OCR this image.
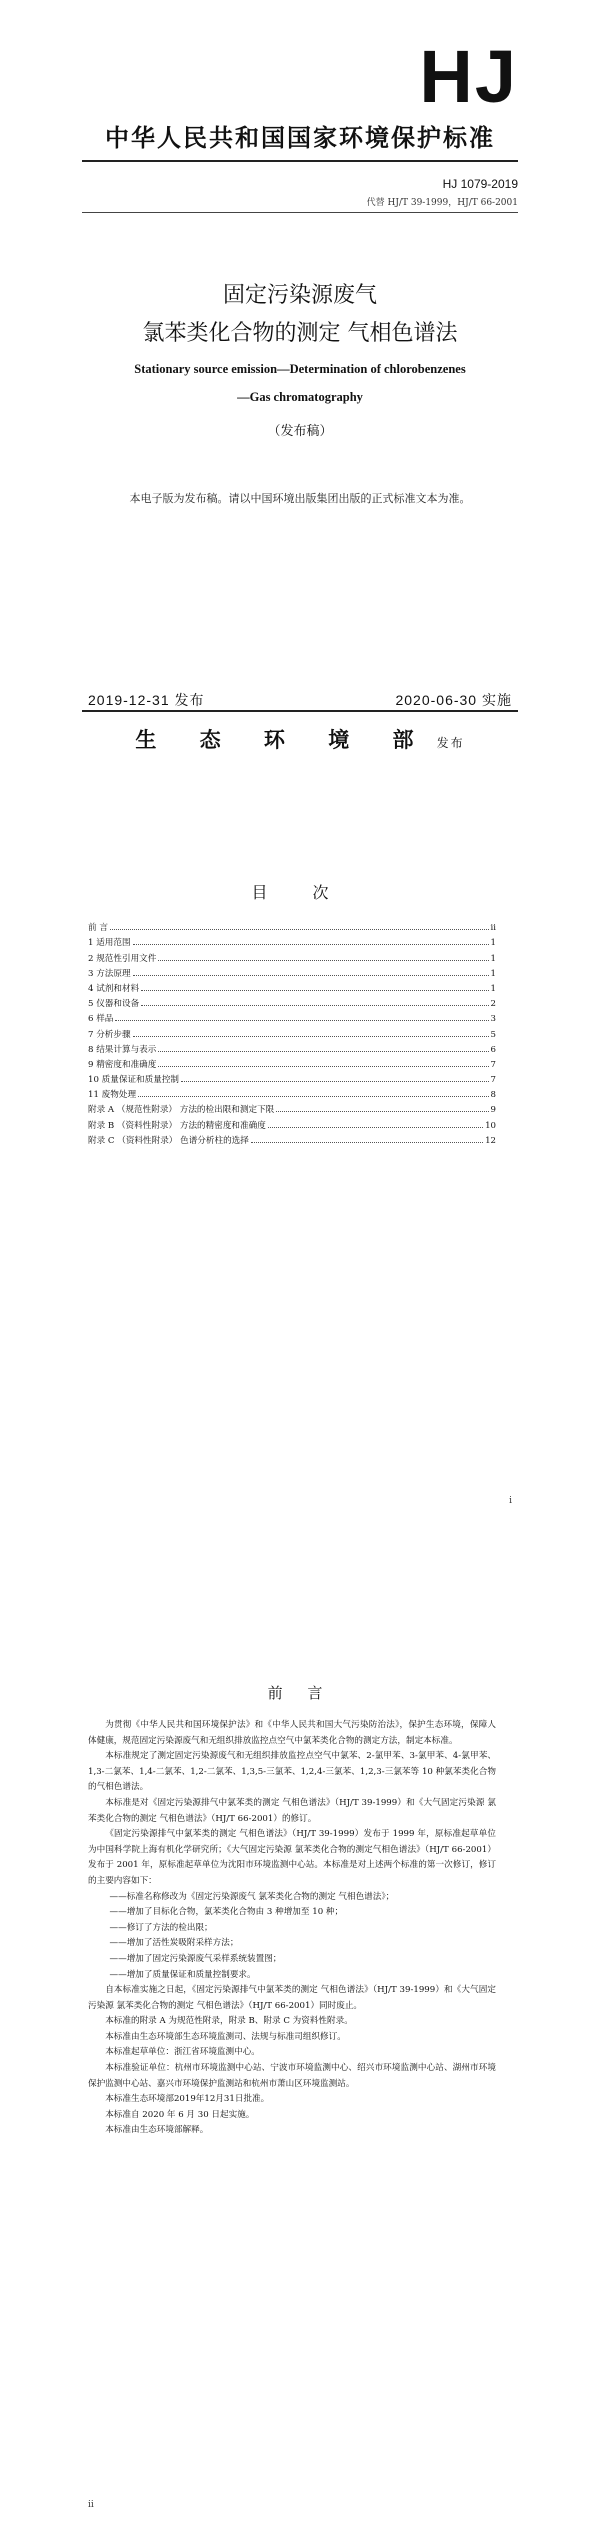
HJ
中华人民共和国国家环境保护标准
HJ 1079-2019
代替 HJ/T 39-1999，HJ/T 66-2001
固定污染源废气
氯苯类化合物的测定 气相色谱法
Stationary source emission—Determination of chlorobenzenes
—Gas chromatography
（发布稿）
本电子版为发布稿。请以中国环境出版集团出版的正式标准文本为准。
2019-12-31 发布	2020-06-30 实施
生 态 环 境 部 发布
目 次
前 言	ii
1 适用范围	1
2 规范性引用文件	1
3 方法原理	1
4 试剂和材料	1
5 仪器和设备	2
6 样品	3
7 分析步骤	5
8 结果计算与表示	6
9 精密度和准确度	7
10 质量保证和质量控制	7
11 废物处理	8
附录 A （规范性附录） 方法的检出限和测定下限	9
附录 B （资料性附录） 方法的精密度和准确度	10
附录 C （资料性附录） 色谱分析柱的选择	12
i
前 言

为贯彻《中华人民共和国环境保护法》和《中华人民共和国大气污染防治法》，保护生态环境，保障人体健康，规范固定污染源废气和无组织排放监控点空气中氯苯类化合物的测定方法，制定本标准。

本标准规定了测定固定污染源废气和无组织排放监控点空气中氯苯、2-氯甲苯、3-氯甲苯、4-氯甲苯、1,3-二氯苯、1,4-二氯苯、1,2-二氯苯、1,3,5-三氯苯、1,2,4-三氯苯、1,2,3-三氯苯等 10 种氯苯类化合物的气相色谱法。

本标准是对《固定污染源排气中氯苯类的测定 气相色谱法》（HJ/T 39-1999）和《大气固定污染源 氯苯类化合物的测定 气相色谱法》（HJ/T 66-2001）的修订。

《固定污染源排气中氯苯类的测定 气相色谱法》（HJ/T 39-1999）发布于 1999 年，原标准起草单位为中国科学院上海有机化学研究所；《大气固定污染源 氯苯类化合物的测定气相色谱法》（HJ/T 66-2001）发布于 2001 年，原标准起草单位为沈阳市环境监测中心站。本标准是对上述两个标准的第一次修订，修订的主要内容如下：

——标准名称修改为《固定污染源废气 氯苯类化合物的测定 气相色谱法》；

——增加了目标化合物，氯苯类化合物由 3 种增加至 10 种；

——修订了方法的检出限；

——增加了活性炭吸附采样方法；

——增加了固定污染源废气采样系统装置图；

——增加了质量保证和质量控制要求。

自本标准实施之日起，《固定污染源排气中氯苯类的测定 气相色谱法》（HJ/T 39-1999）和《大气固定污染源 氯苯类化合物的测定 气相色谱法》（HJ/T 66-2001）同时废止。

本标准的附录 A 为规范性附录，附录 B、附录 C 为资料性附录。

本标准由生态环境部生态环境监测司、法规与标准司组织修订。

本标准起草单位：浙江省环境监测中心。

本标准验证单位：杭州市环境监测中心站、宁波市环境监测中心、绍兴市环境监测中心站、湖州市环境保护监测中心站、嘉兴市环境保护监测站和杭州市萧山区环境监测站。

本标准生态环境部2019年12月31日批准。

本标准自 2020 年 6 月 30 日起实施。

本标准由生态环境部解释。

ii
